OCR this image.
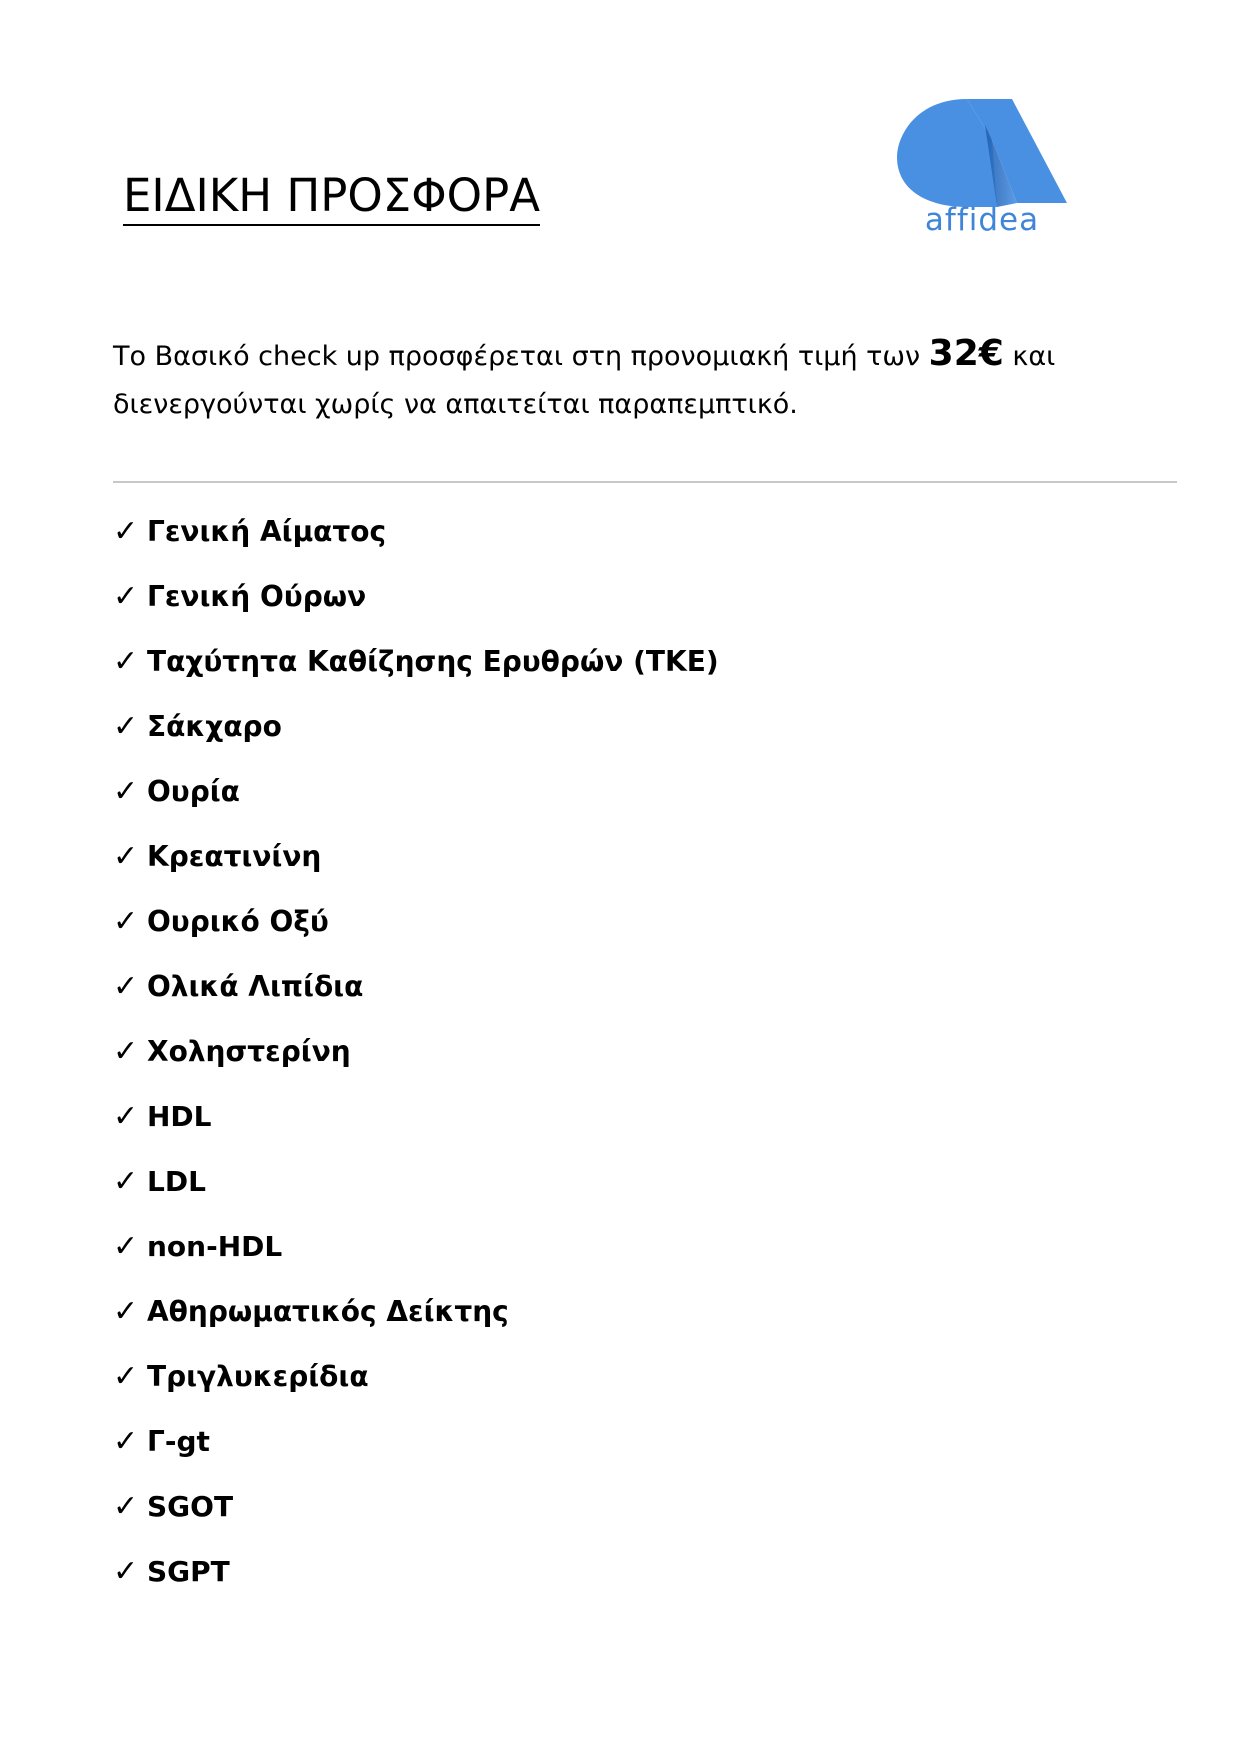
ΕΙΔΙΚΗ ΠΡΟΣΦΟΡΑ	affidea

Το Βασικό check up προσφέρεται στη προνομιακή τιμή των 32€ και διενεργούνται χωρίς να απαιτείται παραπεμπτικό.

✓ Γενική Αίματος
✓ Γενική Ούρων
✓ Ταχύτητα Καθίζησης Ερυθρών (ΤΚΕ)
✓ Σάκχαρο
✓ Ουρία
✓ Κρεατινίνη
✓ Ουρικό Οξύ
✓ Ολικά Λιπίδια
✓ Χοληστερίνη
✓ HDL
✓ LDL
✓ non-HDL
✓ Αθηρωματικός Δείκτης
✓ Τριγλυκερίδια
✓ Γ-gt
✓ SGOT
✓ SGPT
